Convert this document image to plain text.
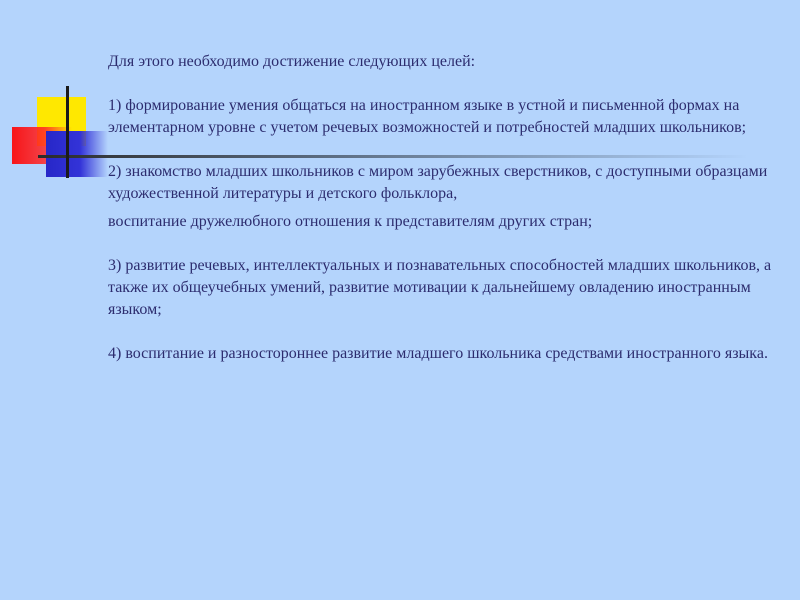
Для этого необходимо достижение следующих целей:

1) формирование умения общаться на иностранном языке в устной и письменной формах на элементарном уровне с учетом речевых возможностей и потребностей младших школьников;

2) знакомство младших школьников с миром зарубежных сверстников, с доступными образцами художественной литературы и детского фольклора,

воспитание дружелюбного отношения к представителям других стран;

3) развитие речевых, интеллектуальных и познавательных способностей младших школьников, а также их общеучебных умений, развитие мотивации к дальнейшему овладению иностранным языком;

4) воспитание и разностороннее развитие младшего школьника средствами иностранного языка.
